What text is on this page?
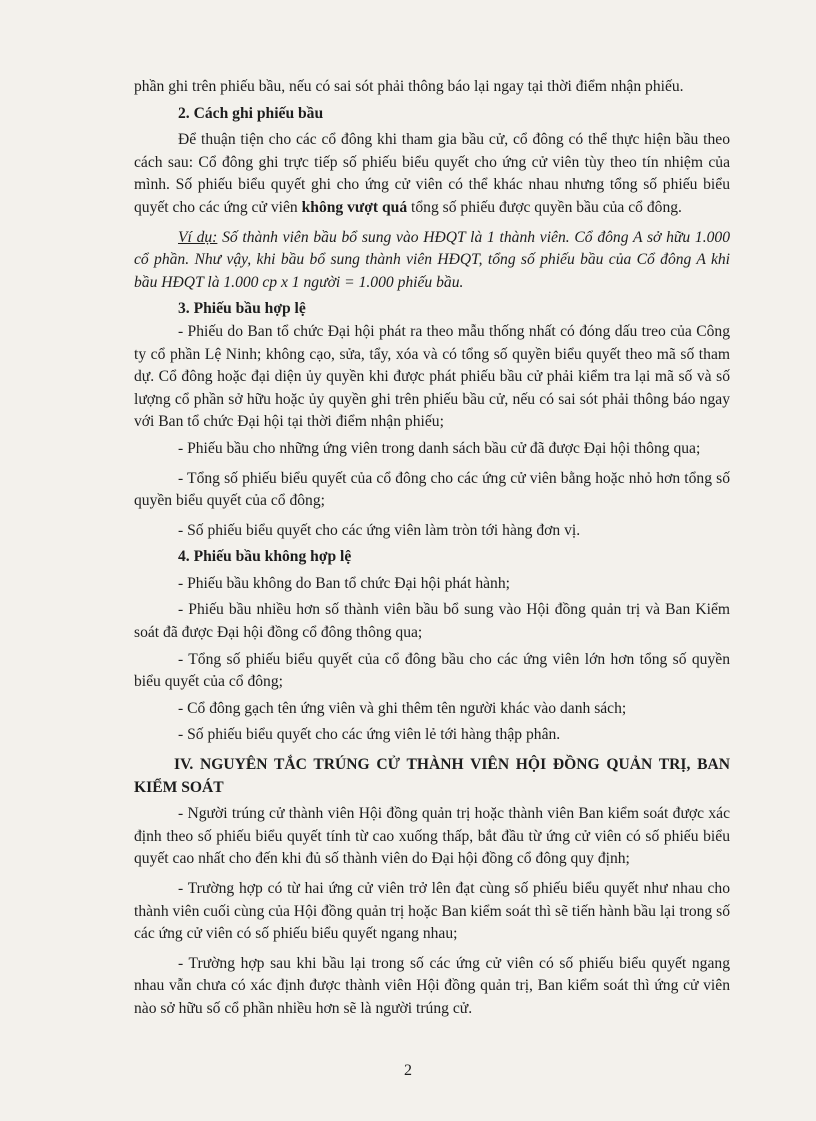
phần ghi trên phiếu bầu, nếu có sai sót phải thông báo lại ngay tại thời điểm nhận phiếu.

2. Cách ghi phiếu bầu

Để thuận tiện cho các cổ đông khi tham gia bầu cử, cổ đông có thể thực hiện bầu theo cách sau: Cổ đông ghi trực tiếp số phiếu biểu quyết cho ứng cử viên tùy theo tín nhiệm của mình. Số phiếu biểu quyết ghi cho ứng cử viên có thể khác nhau nhưng tổng số phiếu biểu quyết cho các ứng cử viên không vượt quá tổng số phiếu được quyền bầu của cổ đông.

Ví dụ: Số thành viên bầu bổ sung vào HĐQT là 1 thành viên. Cổ đông A sở hữu 1.000 cổ phần. Như vậy, khi bầu bổ sung thành viên HĐQT, tổng số phiếu bầu của Cổ đông A khi bầu HĐQT là 1.000 cp x 1 người = 1.000 phiếu bầu.

3. Phiếu bầu hợp lệ

- Phiếu do Ban tổ chức Đại hội phát ra theo mẫu thống nhất có đóng dấu treo của Công ty cổ phần Lệ Ninh; không cạo, sửa, tẩy, xóa và có tổng số quyền biểu quyết theo mã số tham dự. Cổ đông hoặc đại diện ủy quyền khi được phát phiếu bầu cử phải kiểm tra lại mã số và số lượng cổ phần sở hữu hoặc ủy quyền ghi trên phiếu bầu cử, nếu có sai sót phải thông báo ngay với Ban tổ chức Đại hội tại thời điểm nhận phiếu;

- Phiếu bầu cho những ứng viên trong danh sách bầu cử đã được Đại hội thông qua;

- Tổng số phiếu biểu quyết của cổ đông cho các ứng cử viên bằng hoặc nhỏ hơn tổng số quyền biểu quyết của cổ đông;

- Số phiếu biểu quyết cho các ứng viên làm tròn tới hàng đơn vị.

4. Phiếu bầu không hợp lệ

- Phiếu bầu không do Ban tổ chức Đại hội phát hành;

- Phiếu bầu nhiều hơn số thành viên bầu bổ sung vào Hội đồng quản trị và Ban Kiểm soát đã được Đại hội đồng cổ đông thông qua;

- Tổng số phiếu biểu quyết của cổ đông bầu cho các ứng viên lớn hơn tổng số quyền biểu quyết của cổ đông;

- Cổ đông gạch tên ứng viên và ghi thêm tên người khác vào danh sách;

- Số phiếu biểu quyết cho các ứng viên lẻ tới hàng thập phân.

IV. NGUYÊN TẮC TRÚNG CỬ THÀNH VIÊN HỘI ĐỒNG QUẢN TRỊ, BAN KIỂM SOÁT

- Người trúng cử thành viên Hội đồng quản trị hoặc thành viên Ban kiểm soát được xác định theo số phiếu biểu quyết tính từ cao xuống thấp, bắt đầu từ ứng cử viên có số phiếu biểu quyết cao nhất cho đến khi đủ số thành viên do Đại hội đồng cổ đông quy định;

- Trường hợp có từ hai ứng cử viên trở lên đạt cùng số phiếu biểu quyết như nhau cho thành viên cuối cùng của Hội đồng quản trị hoặc Ban kiểm soát thì sẽ tiến hành bầu lại trong số các ứng cử viên có số phiếu biểu quyết ngang nhau;

- Trường hợp sau khi bầu lại trong số các ứng cử viên có số phiếu biểu quyết ngang nhau vẫn chưa có xác định được thành viên Hội đồng quản trị, Ban kiểm soát thì ứng cử viên nào sở hữu số cổ phần nhiều hơn sẽ là người trúng cử.

2
